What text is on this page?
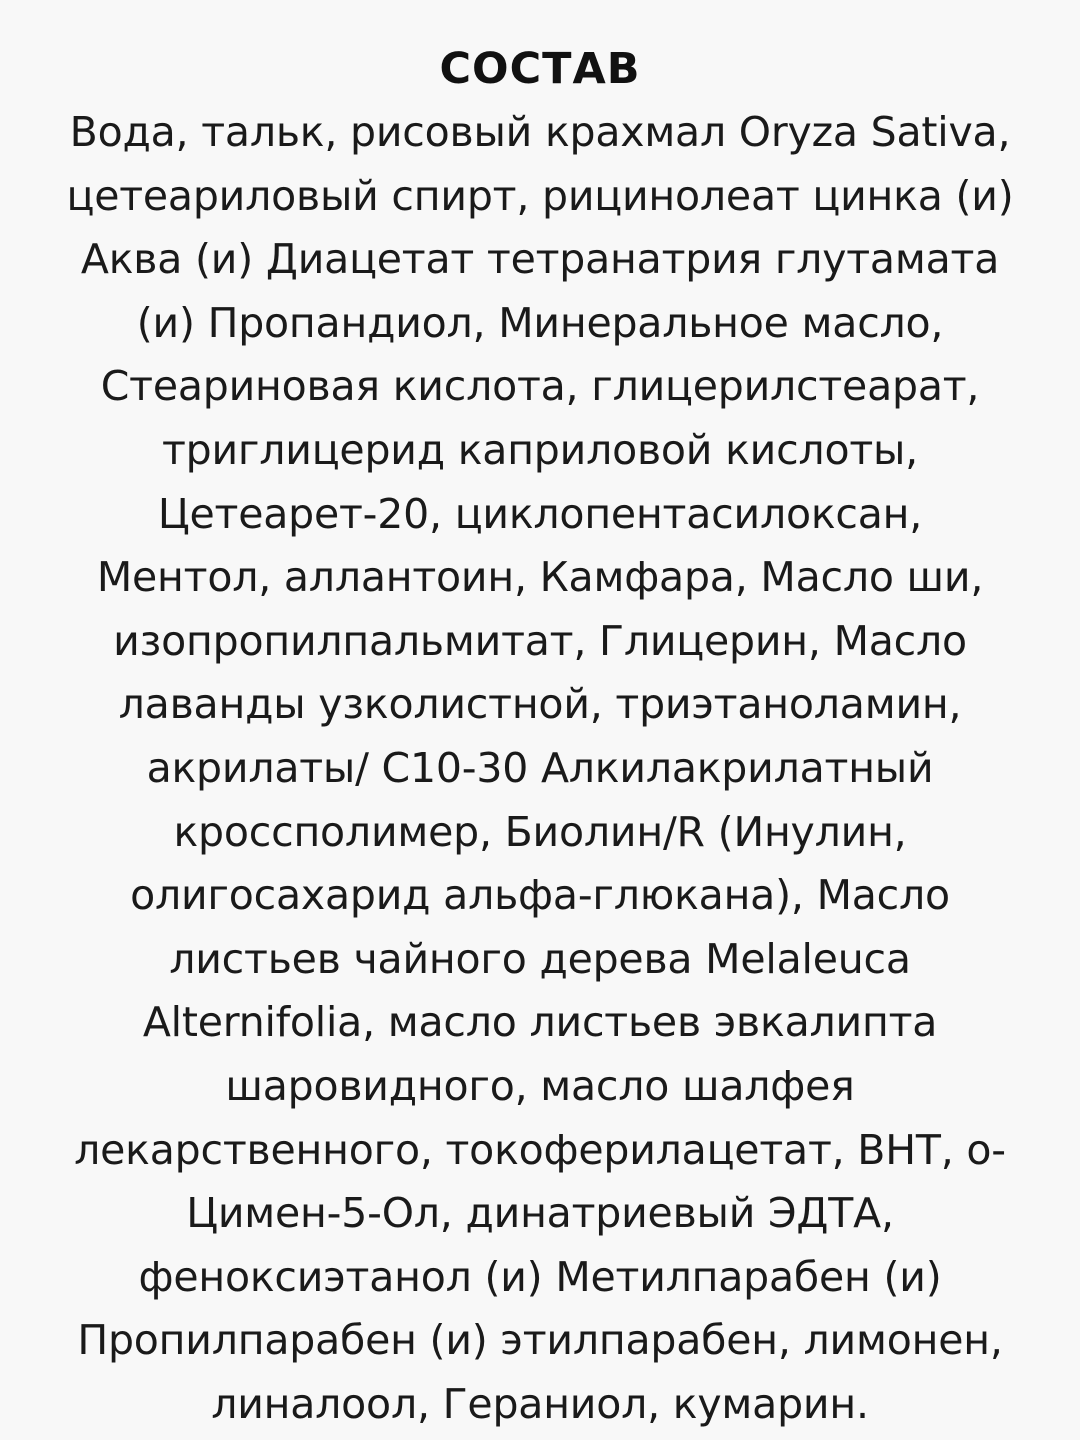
СОСТАВ
Вода, тальк, рисовый крахмал Oryza Sativa,
цетеариловый спирт, рицинолеат цинка (и)
Аква (и) Диацетат тетранатрия глутамата
(и) Пропандиол, Минеральное масло,
Стеариновая кислота, глицерилстеарат,
триглицерид каприловой кислоты,
Цетеарет-20, циклопентасилоксан,
Ментол, аллантоин, Камфара, Масло ши,
изопропилпальмитат, Глицерин, Масло
лаванды узколистной, триэтаноламин,
акрилаты/ C10-30 Алкилакрилатный
кроссполимер, Биолин/R (Инулин,
олигосахарид альфа-глюкана), Масло
листьев чайного дерева Melaleuca
Alternifolia, масло листьев эвкалипта
шаровидного, масло шалфея
лекарственного, токоферилацетат, ВНТ, о-
Цимен-5-Ол, динатриевый ЭДТА,
феноксиэтанол (и) Метилпарабен (и)
Пропилпарабен (и) этилпарабен, лимонен,
линалоол, Гераниол, кумарин.
